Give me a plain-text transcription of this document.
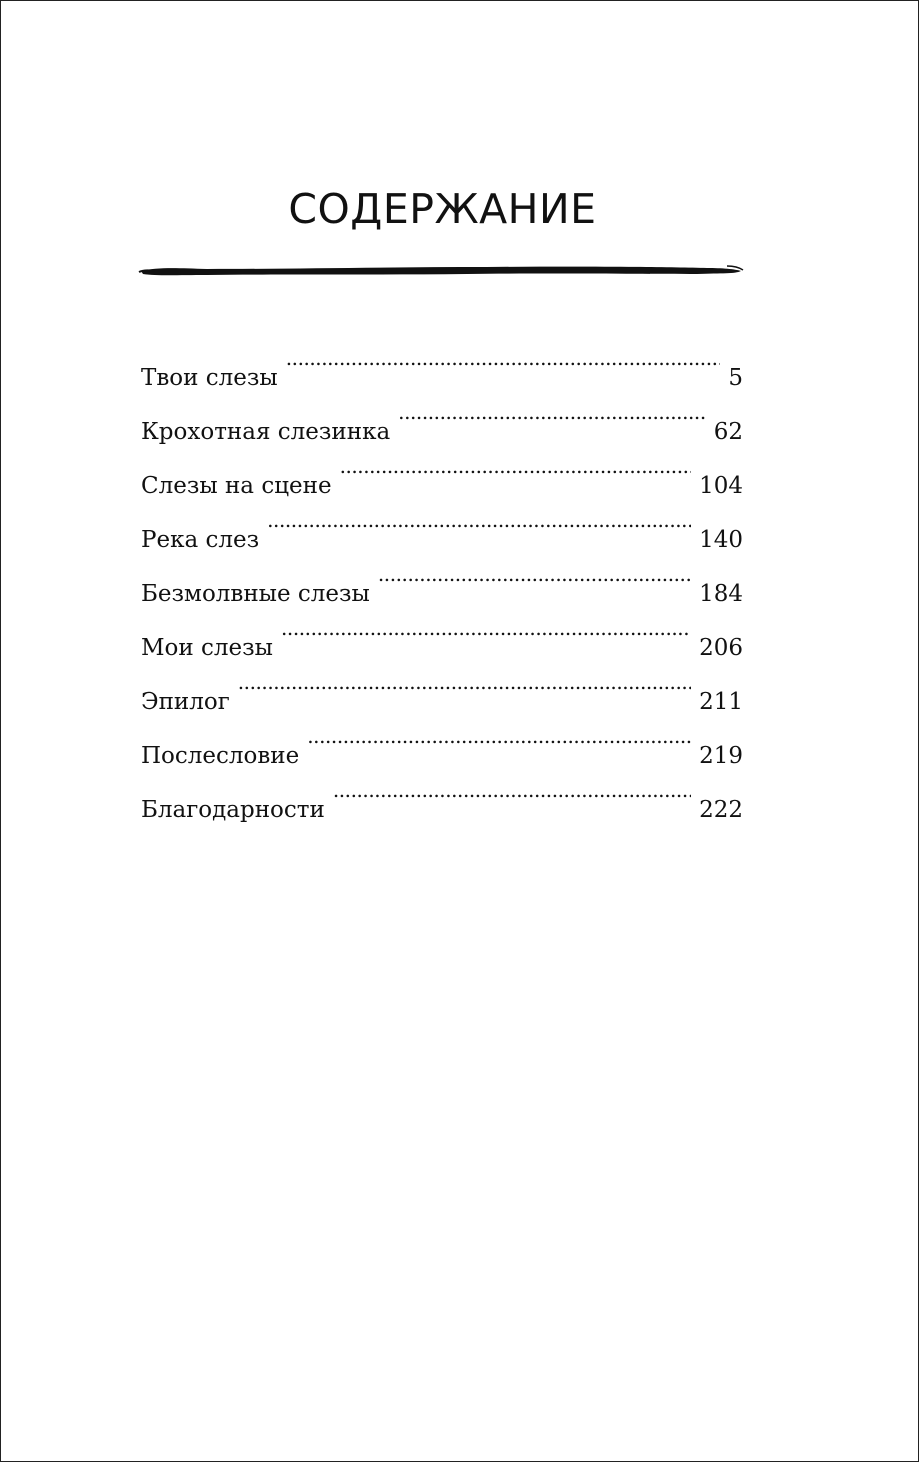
СОДЕРЖАНИЕ
Твои слезы . . .	5
Крохотная слезинка . . .	62
Слезы на сцене . . .	104
Река слез . . .	140
Безмолвные слезы . . .	184
Мои слезы . . .	206
Эпилог . . .	211
Послесловие . . .	219
Благодарности . . .	222
